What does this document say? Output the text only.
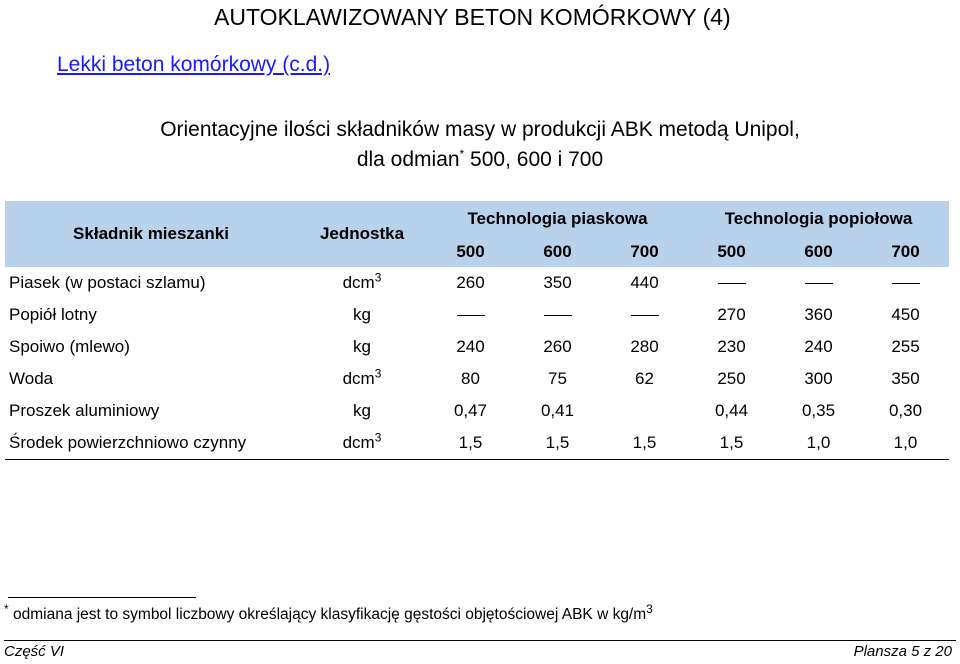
AUTOKLAWIZOWANY BETON KOMÓRKOWY (4)
Lekki beton komórkowy (c.d.)
Orientacyjne ilości składników masy w produkcji ABK metodą Unipol,
dla odmian* 500, 600 i 700
Składnik mieszanki	Jednostka	Technologia piaskowa			Technologia popiołowa		
		500	600	700	500	600	700
Piasek (w postaci szlamu)	dcm$^3$	260	350	440			
Popiół lotny	kg				270	360	450
Spoiwo (mlewo)	kg	240	260	280	230	240	255
Woda	dcm$^3$	80	75	62	250	300	350
Proszek aluminiowy	kg	0,47	0,41		0,44	0,35	0,30
Środek powierzchniowo czynny	dcm$^3$	1,5	1,5	1,5	1,5	1,0	1,0
* odmiana jest to symbol liczbowy określający klasyfikację gęstości objętościowej ABK w $kg/m^3$
Część VI	Plansza 5 z 20
